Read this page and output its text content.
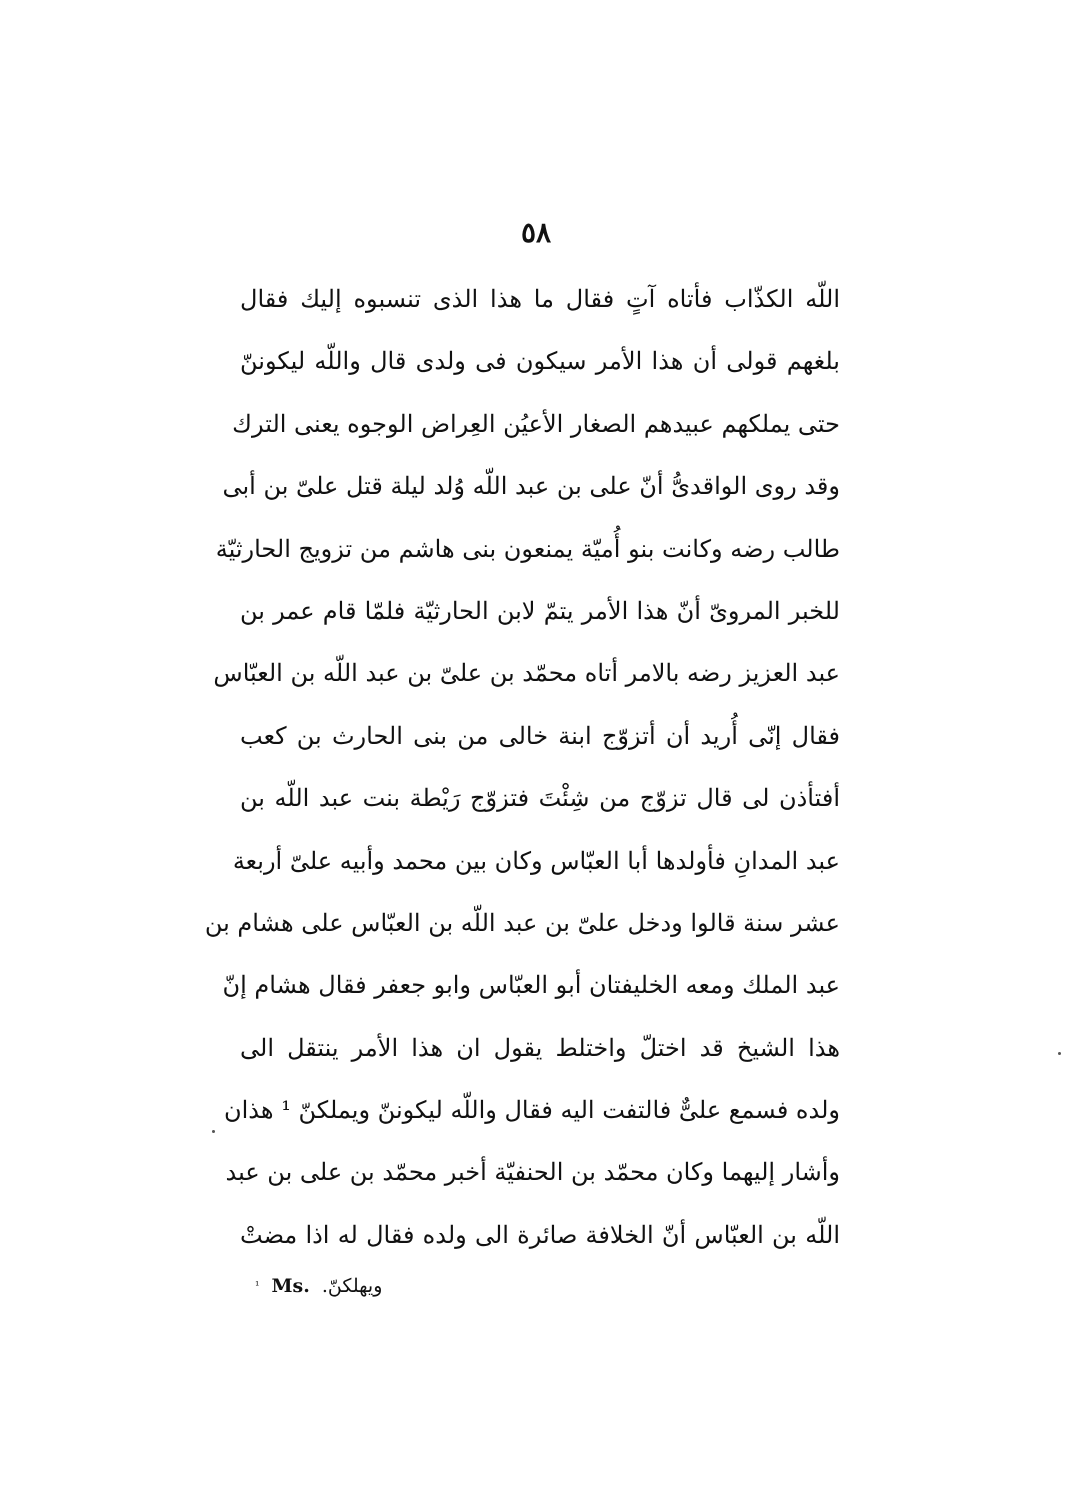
٥٨
اللّه الكذّاب فأتاه آتٍ فقال ما هذا الذى تنسبوه إليك فقال
بلغهم قولى أن هذا الأمر سيكون فى ولدى قال واللّه ليكوننّ
حتى يملكهم عبيدهم الصغار الأعيُن العِراض الوجوه يعنى الترك
وقد روى الواقدىُّ أنّ على بن عبد اللّه وُلد ليلة قتل علىّ بن أبى
طالب رضه وكانت بنو أُميّة يمنعون بنى هاشم من تزويج الحارثيّة
للخبر المروىّ أنّ هذا الأمر يتمّ لابن الحارثيّة فلمّا قام عمر بن
عبد العزيز رضه بالامر أتاه محمّد بن علىّ بن عبد اللّه بن العبّاس
فقال إنّى أُريد أن أتزوّج ابنة خالى من بنى الحارث بن كعب
أفتأذن لى قال تزوّج من شِئْتَ فتزوّج رَيْطة بنت عبد اللّه بن
عبد المدانِ فأولدها أبا العبّاس وكان بين محمد وأبيه علىّ أربعة
عشر سنة قالوا ودخل علىّ بن عبد اللّه بن العبّاس على هشام بن
عبد الملك ومعه الخليفتان أبو العبّاس وابو جعفر فقال هشام إنّ
هذا الشيخ قد اختلّ واختلط يقول ان هذا الأمر ينتقل الى
ولده فسمع علىٌّ فالتفت اليه فقال واللّه ليكوننّ ويملكنّ ¹ هذان
وأشار إليهما وكان محمّد بن الحنفيّة أخبر محمّد بن على بن عبد
اللّه بن العبّاس أنّ الخلافة صائرة الى ولده فقال له اذا مضتْ
$^{^1}$ Ms. ويهلكنّ.
